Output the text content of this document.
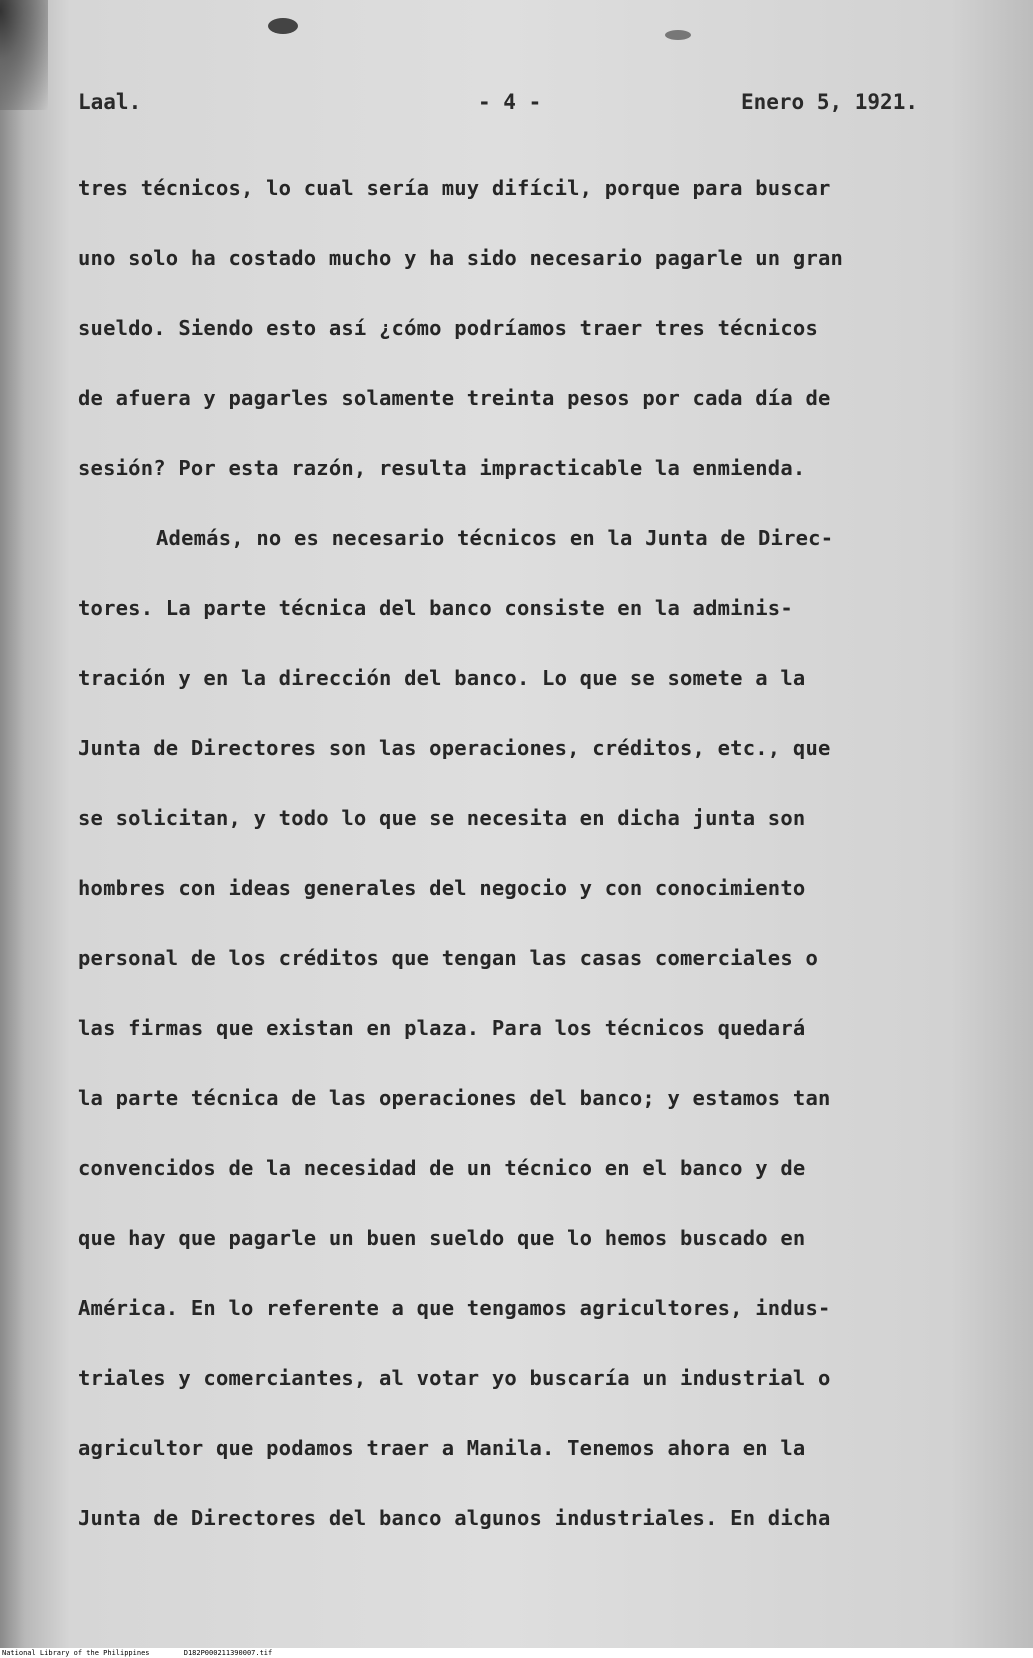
Laal.	- 4 -	Enero 5, 1921.
tres técnicos, lo cual sería muy difícil, porque para buscar
uno solo ha costado mucho y ha sido necesario pagarle un gran
sueldo. Siendo esto así ¿cómo podríamos traer tres técnicos
de afuera y pagarles solamente treinta pesos por cada día de
sesión? Por esta razón, resulta impracticable la enmienda.
Además, no es necesario técnicos en la Junta de Direc-
tores. La parte técnica del banco consiste en la adminis-
tración y en la dirección del banco. Lo que se somete a la
Junta de Directores son las operaciones, créditos, etc., que
se solicitan, y todo lo que se necesita en dicha junta son
hombres con ideas generales del negocio y con conocimiento
personal de los créditos que tengan las casas comerciales o
las firmas que existan en plaza. Para los técnicos quedará
la parte técnica de las operaciones del banco; y estamos tan
convencidos de la necesidad de un técnico en el banco y de
que hay que pagarle un buen sueldo que lo hemos buscado en
América. En lo referente a que tengamos agricultores, indus-
triales y comerciantes, al votar yo buscaría un industrial o
agricultor que podamos traer a Manila. Tenemos ahora en la
Junta de Directores del banco algunos industriales. En dicha
National Library of the Philippines	D182P000211390007.tif
